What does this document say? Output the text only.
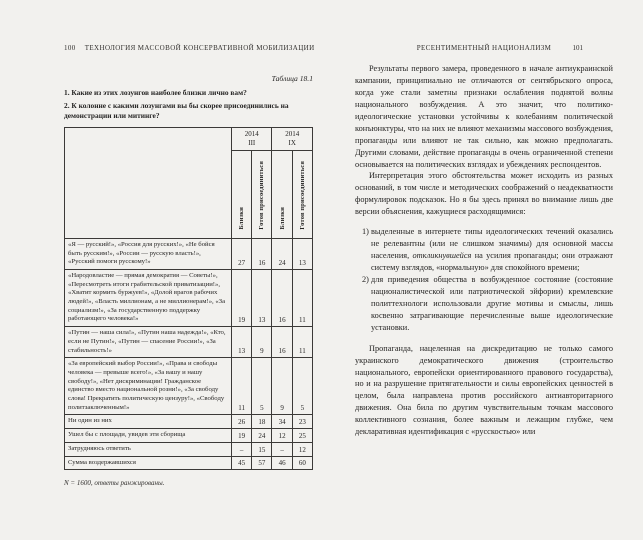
100 ТЕХНОЛОГИЯ МАССОВОЙ КОНСЕРВАТИВНОЙ МОБИЛИЗАЦИИ
Таблица 18.1
1. Какие из этих лозунгов наиболее близки лично вам?
2. К колонне с какими лозунгами вы бы скорее присоединились на демонстрации или митинге?

2014
III

2014
IX

	Близки	Готов присоединиться	Близки	Готов присоединиться
«Я — русский!», «Россия для русских!», «Не бойся быть русским!», «России — русскую власть!», «Русский помоги русскому!»	27	16	24	13
«Народовластие — прямая демократия — Советы!», «Пересмотреть итоги грабительской приватизации!», «Хватит кормить буржуев!», «Долой врагов рабочих людей!», «Власть миллионам, а не миллионерам!», «За социализм!», «За государственную поддержку работающего человека!»	19	13	16	11
«Путин — наша сила!», «Путин наша надежда!», «Кто, если не Путин!», «Путин — спасение России!», «За стабильность!»	13	9	16	11
«За европейский выбор России!», «Права и свободы человека — превыше всего!», «За вашу и нашу свободу!», «Нет дискриминации! Гражданское единство вместо национальной розни!», «За свободу слова! Прекратить политическую цензуру!», «Свободу политзаключенным!»	11	5	9	5
Ни один из них	26	18	34	23
Ушел бы с площади, увидев эти сборища	19	24	12	25
Затрудняюсь ответить	–	15	–	12
Сумма воздержавшихся	45	57	46	60
N = 1600, ответы ранжированы.
РЕСЕНТИМЕНТНЫЙ НАЦИОНАЛИЗМ	101

Результаты первого замера, проведенного в начале антиукраинской кампании, принципиально не отличаются от сентябрьского опроса, когда уже стали заметны признаки ослабления поднятой волны национального возбуждения. А это значит, что политико-идеологические установки устойчивы к колебаниям политической конъюнктуры, что на них не влияют механизмы массового возбуждения, пропаганды или влияют не так сильно, как можно предполагать. Другими словами, действие пропаганды в очень ограниченной степени основывается на политических взглядах и убеждениях респондентов.

Интерпретация этого обстоятельства может исходить из разных оснований, в том числе и методических соображений о неадекватности формулировок подсказок. Но я бы здесь принял во внимание лишь две версии объяснения, кажущиеся расходящимися:

1) выделенные в интернете типы идеологических течений оказались не релевантны (или не слишком значимы) для основной массы населения, откликнувшейся на усилия пропаганды; они отражают систему взглядов, «нормальную» для спокойного времени;
2) для приведения общества в возбужденное состояние (состояние националистической или патриотической эйфории) кремлевские политтехнологи использовали другие мотивы и смыслы, лишь косвенно затрагивающие перечисленные выше идеологические установки.

Пропаганда, нацеленная на дискредитацию не только самого украинского демократического движения (строительство национального, европейски ориентированного правового государства), но и на разрушение притягательности и силы европейских ценностей в целом, была направлена против российского антиавторитарного движения. Она била по другим чувствительным точкам массового коллективного сознания, более важным и лежащим глубже, чем декларативная идентификация с «русскостью» или
